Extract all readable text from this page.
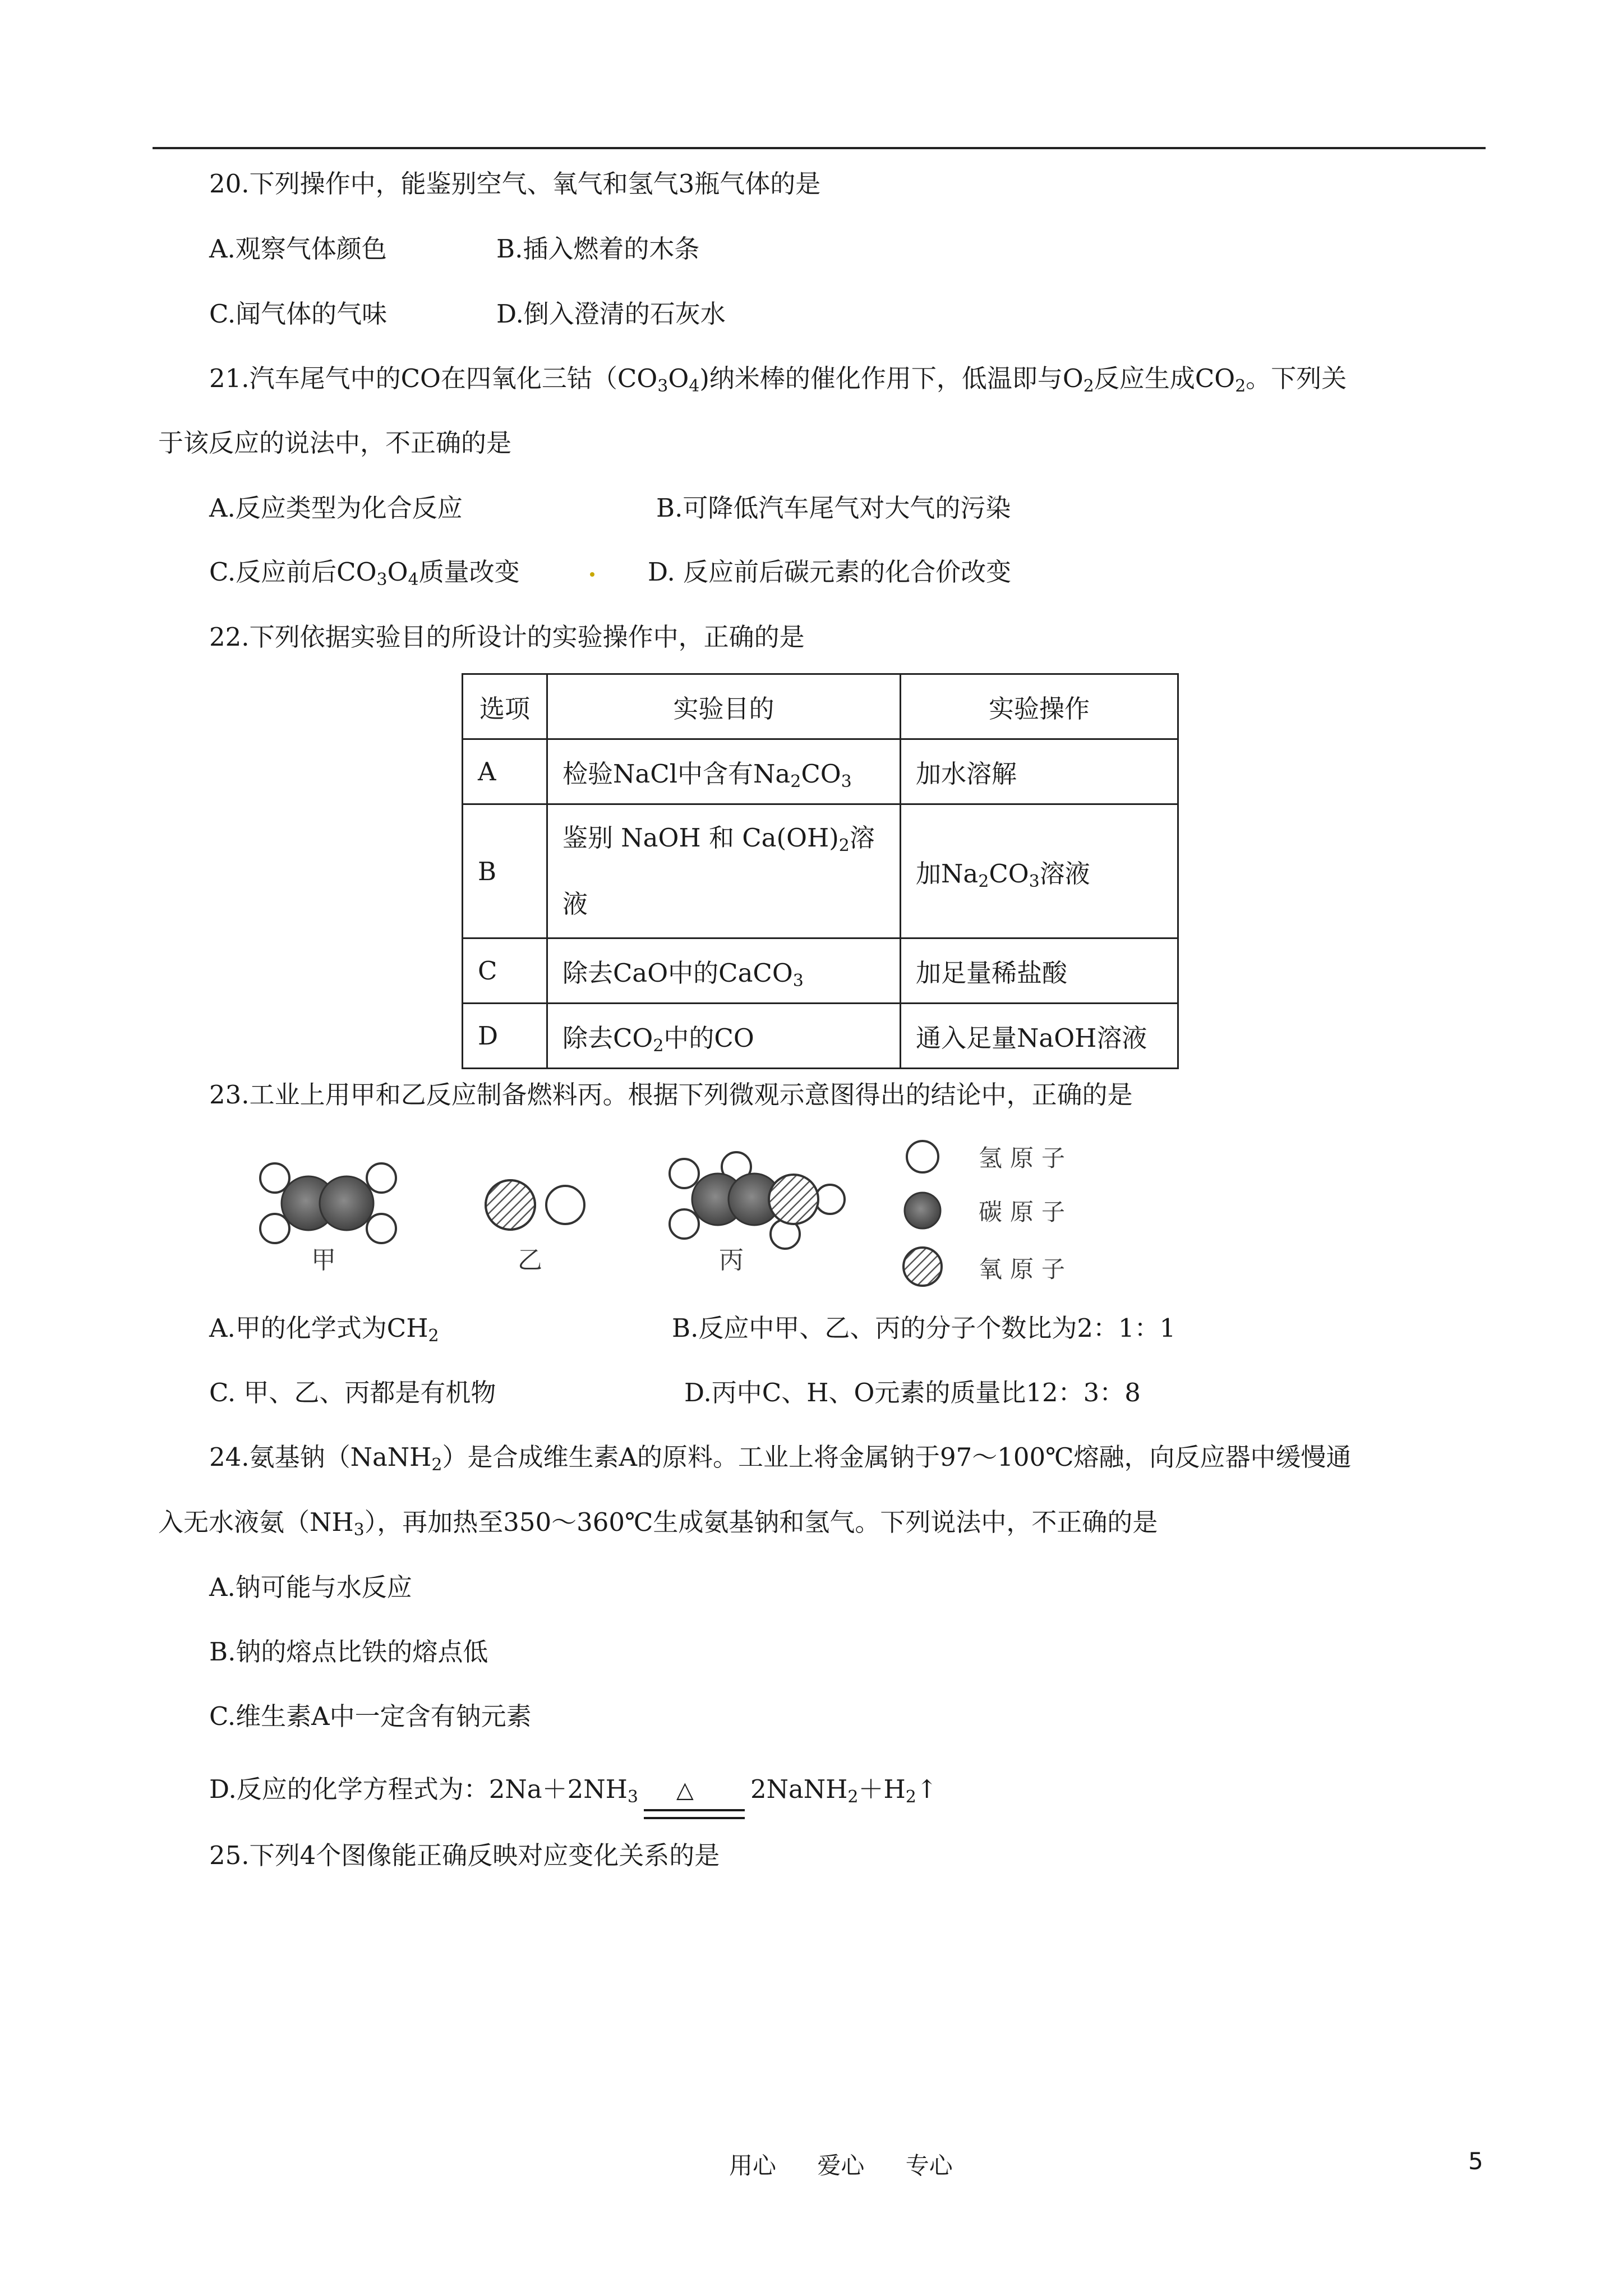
20.下列操作中，能鉴别空气、氧气和氢气3瓶气体的是
A.观察气体颜色	B.插入燃着的木条
C.闻气体的气味	D.倒入澄清的石灰水
21.汽车尾气中的CO在四氧化三钴$(CO_3O_4)$纳米棒的催化作用下，低温即与$O_2$反应生成$CO_2$。下列关
于该反应的说法中，不正确的是
A.反应类型为化合反应	B.可降低汽车尾气对大气的污染
C.反应前后$CO_3O_4$质量改变	D. 反应前后碳元素的化合价改变
22.下列依据实验目的所设计的实验操作中，正确的是
选项	实验目的	实验操作
A	检验NaCl中含有$Na_2CO_3$	加水溶解
B	鉴别 NaOH 和 $Ca(OH)_2$溶液	加$Na_2CO_3$溶液
C	除去CaO中的CaCO$_3$	加足量稀盐酸
D	除去$CO_2$中的CO	通入足量NaOH溶液
23.工业上用甲和乙反应制备燃料丙。根据下列微观示意图得出的结论中，正确的是
甲	乙	丙
氢原子
碳原子
氧原子
A.甲的化学式为$CH_2$	B.反应中甲、乙、丙的分子个数比为2：1：1
C. 甲、乙、丙都是有机物	D.丙中C、H、O元素的质量比12：3：8
24.氨基钠（NaNH$_2$）是合成维生素A的原料。工业上将金属钠于97～100℃熔融，向反应器中缓慢通
入无水液氨$(NH_3)$，再加热至350～360℃生成氨基钠和氢气。下列说法中，不正确的是
A.钠可能与水反应
B.钠的熔点比铁的熔点低
C.维生素A中一定含有钠元素
D.反应的化学方程式为：$2Na+2NH_3$ △ $2NaNH_2+H_2↑$
25.下列4个图像能正确反映对应变化关系的是
用心 爱心 专心	5
